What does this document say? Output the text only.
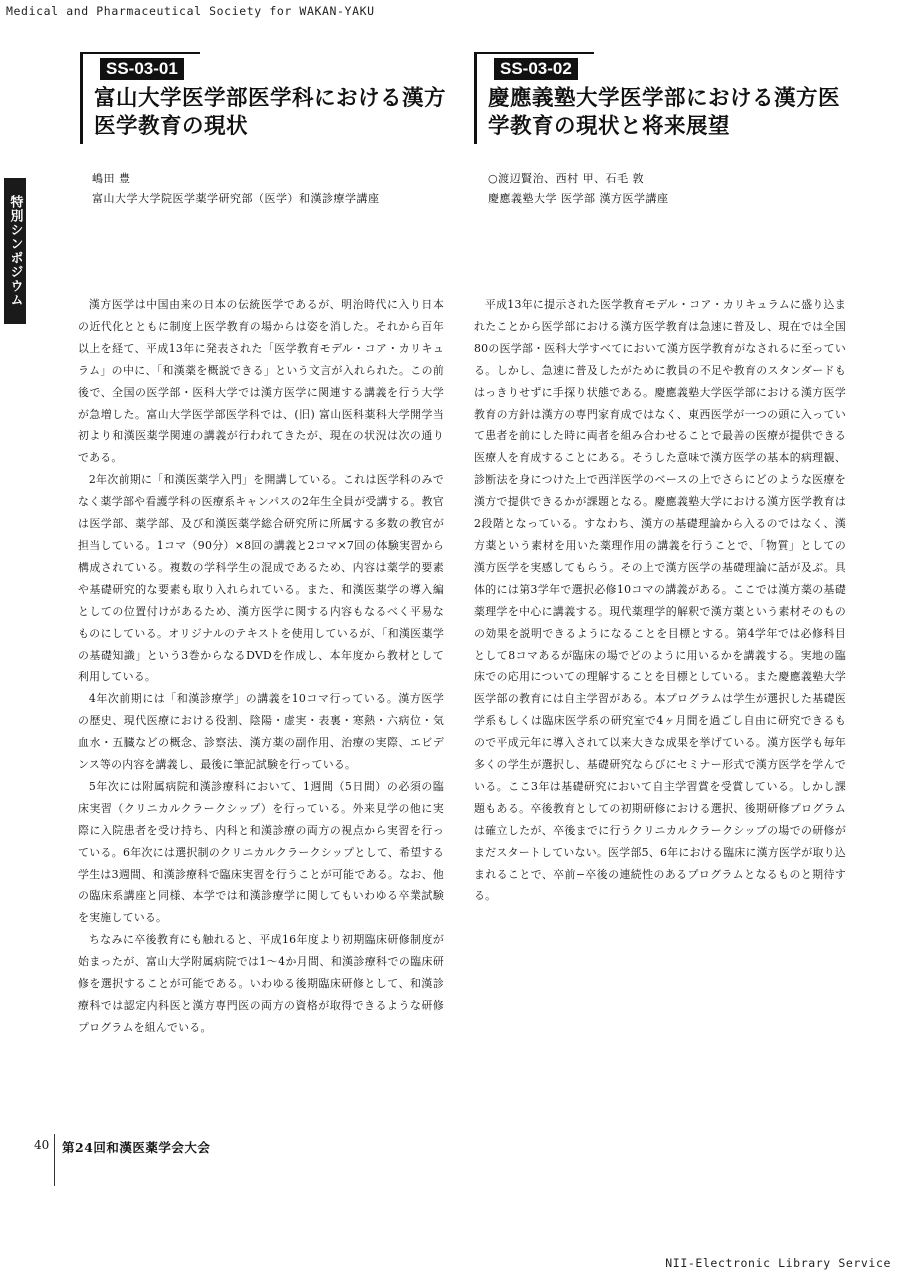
Medical and Pharmaceutical Society for WAKAN-YAKU
特別シンポジウム
SS-03-01
富山大学医学部医学科における漢方医学教育の現状
嶋田 豊
富山大学大学院医学薬学研究部（医学）和漢診療学講座

漢方医学は中国由来の日本の伝統医学であるが、明治時代に入り日本の近代化とともに制度上医学教育の場からは姿を消した。それから百年以上を経て、平成13年に発表された「医学教育モデル・コア・カリキュラム」の中に、「和漢薬を概説できる」という文言が入れられた。この前後で、全国の医学部・医科大学では漢方医学に関連する講義を行う大学が急増した。富山大学医学部医学科では、(旧) 富山医科薬科大学開学当初より和漢医薬学関連の講義が行われてきたが、現在の状況は次の通りである。

2年次前期に「和漢医薬学入門」を開講している。これは医学科のみでなく薬学部や看護学科の医療系キャンパスの2年生全員が受講する。教官は医学部、薬学部、及び和漢医薬学総合研究所に所属する多数の教官が担当している。1コマ（90分）×8回の講義と2コマ×7回の体験実習から構成されている。複数の学科学生の混成であるため、内容は薬学的要素や基礎研究的な要素も取り入れられている。また、和漢医薬学の導入編としての位置付けがあるため、漢方医学に関する内容もなるべく平易なものにしている。オリジナルのテキストを使用しているが、「和漢医薬学の基礎知識」という3巻からなるDVDを作成し、本年度から教材として利用している。

4年次前期には「和漢診療学」の講義を10コマ行っている。漢方医学の歴史、現代医療における役割、陰陽・虚実・表裏・寒熱・六病位・気血水・五臓などの概念、診察法、漢方薬の副作用、治療の実際、エビデンス等の内容を講義し、最後に筆記試験を行っている。

5年次には附属病院和漢診療科において、1週間（5日間）の必須の臨床実習（クリニカルクラークシップ）を行っている。外来見学の他に実際に入院患者を受け持ち、内科と和漢診療の両方の視点から実習を行っている。6年次には選択制のクリニカルクラークシップとして、希望する学生は3週間、和漢診療科で臨床実習を行うことが可能である。なお、他の臨床系講座と同様、本学では和漢診療学に関してもいわゆる卒業試験を実施している。

ちなみに卒後教育にも触れると、平成16年度より初期臨床研修制度が始まったが、富山大学附属病院では1〜4か月間、和漢診療科での臨床研修を選択することが可能である。いわゆる後期臨床研修として、和漢診療科では認定内科医と漢方専門医の両方の資格が取得できるような研修プログラムを組んでいる。

SS-03-02
慶應義塾大学医学部における漢方医学教育の現状と将来展望
○渡辺賢治、西村 甲、石毛 敦
慶應義塾大学 医学部 漢方医学講座

平成13年に提示された医学教育モデル・コア・カリキュラムに盛り込まれたことから医学部における漢方医学教育は急速に普及し、現在では全国80の医学部・医科大学すべてにおいて漢方医学教育がなされるに至っている。しかし、急速に普及したがために教員の不足や教育のスタンダードもはっきりせずに手探り状態である。慶應義塾大学医学部における漢方医学教育の方針は漢方の専門家育成ではなく、東西医学が一つの頭に入っていて患者を前にした時に両者を組み合わせることで最善の医療が提供できる医療人を育成することにある。そうした意味で漢方医学の基本的病理観、診断法を身につけた上で西洋医学のベースの上でさらにどのような医療を漢方で提供できるかが課題となる。慶應義塾大学における漢方医学教育は2段階となっている。すなわち、漢方の基礎理論から入るのではなく、漢方薬という素材を用いた薬理作用の講義を行うことで、「物質」としての漢方医学を実感してもらう。その上で漢方医学の基礎理論に話が及ぶ。具体的には第3学年で選択必修10コマの講義がある。ここでは漢方薬の基礎薬理学を中心に講義する。現代薬理学的解釈で漢方薬という素材そのものの効果を説明できるようになることを目標とする。第4学年では必修科目として8コマあるが臨床の場でどのように用いるかを講義する。実地の臨床での応用についての理解することを目標としている。また慶應義塾大学医学部の教育には自主学習がある。本プログラムは学生が選択した基礎医学系もしくは臨床医学系の研究室で4ヶ月間を過ごし自由に研究できるもので平成元年に導入されて以来大きな成果を挙げている。漢方医学も毎年多くの学生が選択し、基礎研究ならびにセミナー形式で漢方医学を学んでいる。ここ3年は基礎研究において自主学習賞を受賞している。しかし課題もある。卒後教育としての初期研修における選択、後期研修プログラムは確立したが、卒後までに行うクリニカルクラークシップの場での研修がまだスタートしていない。医学部5、6年における臨床に漢方医学が取り込まれることで、卒前−卒後の連続性のあるプログラムとなるものと期待する。

40 第24回和漢医薬学会大会
NII-Electronic Library Service
